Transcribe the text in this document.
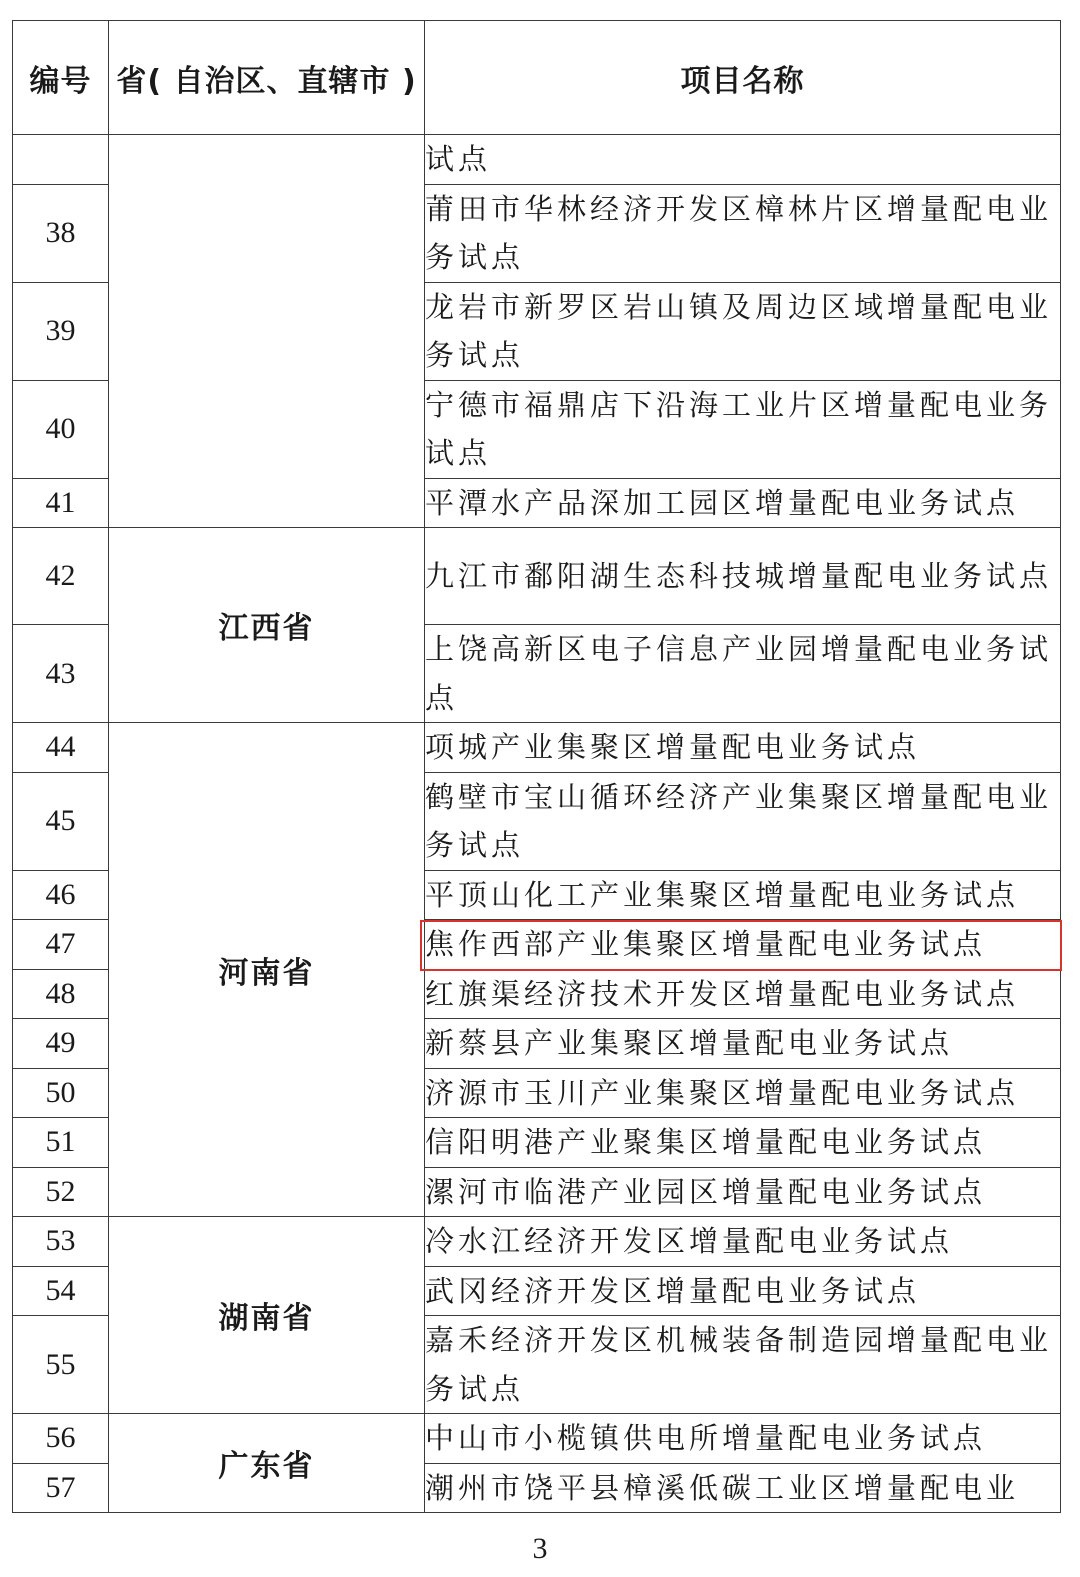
编号	省( 自治区、直辖市 )	项目名称

		试点

38		莆田市华林经济开发区樟林片区增量配电业务试点

39		龙岩市新罗区岩山镇及周边区域增量配电业务试点

40		宁德市福鼎店下沿海工业片区增量配电业务试点

41		平潭水产品深加工园区增量配电业务试点

42	江西省	九江市鄱阳湖生态科技城增量配电业务试点

43		上饶高新区电子信息产业园增量配电业务试点

44	河南省	项城产业集聚区增量配电业务试点

45		鹤壁市宝山循环经济产业集聚区增量配电业务试点

46		平顶山化工产业集聚区增量配电业务试点

47		焦作西部产业集聚区增量配电业务试点

48		红旗渠经济技术开发区增量配电业务试点

49		新蔡县产业集聚区增量配电业务试点

50		济源市玉川产业集聚区增量配电业务试点

51		信阳明港产业聚集区增量配电业务试点

52		漯河市临港产业园区增量配电业务试点

53	湖南省	冷水江经济开发区增量配电业务试点

54		武冈经济开发区增量配电业务试点

55		嘉禾经济开发区机械装备制造园增量配电业务试点

56	广东省	中山市小榄镇供电所增量配电业务试点

57		潮州市饶平县樟溪低碳工业区增量配电业
3
